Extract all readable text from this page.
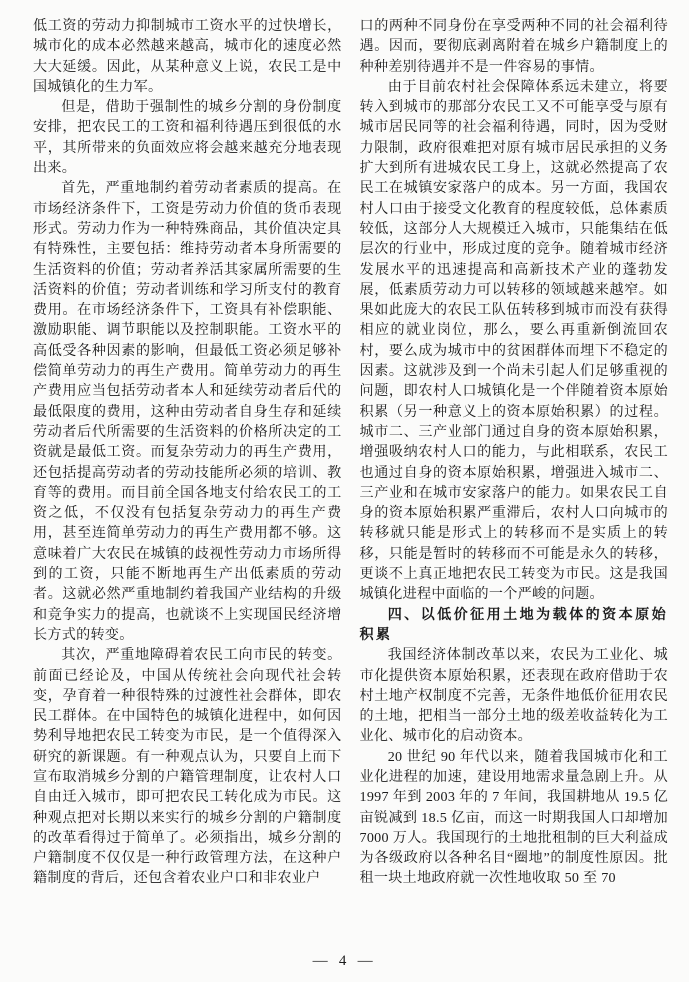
低工资的劳动力抑制城市工资水平的过快增长，城市化的成本必然越来越高，城市化的速度必然大大延缓。因此，从某种意义上说，农民工是中国城镇化的生力军。

但是，借助于强制性的城乡分割的身份制度安排，把农民工的工资和福利待遇压到很低的水平，其所带来的负面效应将会越来越充分地表现出来。

首先，严重地制约着劳动者素质的提高。在市场经济条件下，工资是劳动力价值的货币表现形式。劳动力作为一种特殊商品，其价值决定具有特殊性，主要包括：维持劳动者本身所需要的生活资料的价值；劳动者养活其家属所需要的生活资料的价值；劳动者训练和学习所支付的教育费用。在市场经济条件下，工资具有补偿职能、激励职能、调节职能以及控制职能。工资水平的高低受各种因素的影响，但最低工资必须足够补偿简单劳动力的再生产费用。简单劳动力的再生产费用应当包括劳动者本人和延续劳动者后代的最低限度的费用，这种由劳动者自身生存和延续劳动者后代所需要的生活资料的价格所决定的工资就是最低工资。而复杂劳动力的再生产费用，还包括提高劳动者的劳动技能所必须的培训、教育等的费用。而目前全国各地支付给农民工的工资之低，不仅没有包括复杂劳动力的再生产费用，甚至连简单劳动力的再生产费用都不够。这意味着广大农民在城镇的歧视性劳动力市场所得到的工资，只能不断地再生产出低素质的劳动者。这就必然严重地制约着我国产业结构的升级和竞争实力的提高，也就谈不上实现国民经济增长方式的转变。

其次，严重地障碍着农民工向市民的转变。前面已经论及，中国从传统社会向现代社会转变，孕育着一种很特殊的过渡性社会群体，即农民工群体。在中国特色的城镇化进程中，如何因势利导地把农民工转变为市民，是一个值得深入研究的新课题。有一种观点认为，只要自上而下宣布取消城乡分割的户籍管理制度，让农村人口自由迁入城市，即可把农民工转化成为市民。这种观点把对长期以来实行的城乡分割的户籍制度的改革看得过于简单了。必须指出，城乡分割的户籍制度不仅仅是一种行政管理方法，在这种户籍制度的背后，还包含着农业户口和非农业户

口的两种不同身份在享受两种不同的社会福利待遇。因而，要彻底剥离附着在城乡户籍制度上的种种差别待遇并不是一件容易的事情。

由于目前农村社会保障体系远未建立，将要转入到城市的那部分农民工又不可能享受与原有城市居民同等的社会福利待遇，同时，因为受财力限制，政府很难把对原有城市居民承担的义务扩大到所有进城农民工身上，这就必然提高了农民工在城镇安家落户的成本。另一方面，我国农村人口由于接受文化教育的程度较低，总体素质较低，这部分人大规模迁入城市，只能集结在低层次的行业中，形成过度的竞争。随着城市经济发展水平的迅速提高和高新技术产业的蓬勃发展，低素质劳动力可以转移的领域越来越窄。如果如此庞大的农民工队伍转移到城市而没有获得相应的就业岗位，那么，要么再重新倒流回农村，要么成为城市中的贫困群体而埋下不稳定的因素。这就涉及到一个尚未引起人们足够重视的问题，即农村人口城镇化是一个伴随着资本原始积累（另一种意义上的资本原始积累）的过程。城市二、三产业部门通过自身的资本原始积累，增强吸纳农村人口的能力，与此相联系，农民工也通过自身的资本原始积累，增强进入城市二、三产业和在城市安家落户的能力。如果农民工自身的资本原始积累严重滞后，农村人口向城市的转移就只能是形式上的转移而不是实质上的转移，只能是暂时的转移而不可能是永久的转移，更谈不上真正地把农民工转变为市民。这是我国城镇化进程中面临的一个严峻的问题。

四、以低价征用土地为载体的资本原始积累

我国经济体制改革以来，农民为工业化、城市化提供资本原始积累，还表现在政府借助于农村土地产权制度不完善，无条件地低价征用农民的土地，把相当一部分土地的级差收益转化为工业化、城市化的启动资本。

20 世纪 90 年代以来，随着我国城市化和工业化进程的加速，建设用地需求量急剧上升。从 1997 年到 2003 年的 7 年间，我国耕地从 19.5 亿亩锐减到 18.5 亿亩，而这一时期我国人口却增加 7000 万人。我国现行的土地批租制的巨大利益成为各级政府以各种名目“圈地”的制度性原因。批租一块土地政府就一次性地收取 50 至 70

— 4 —
